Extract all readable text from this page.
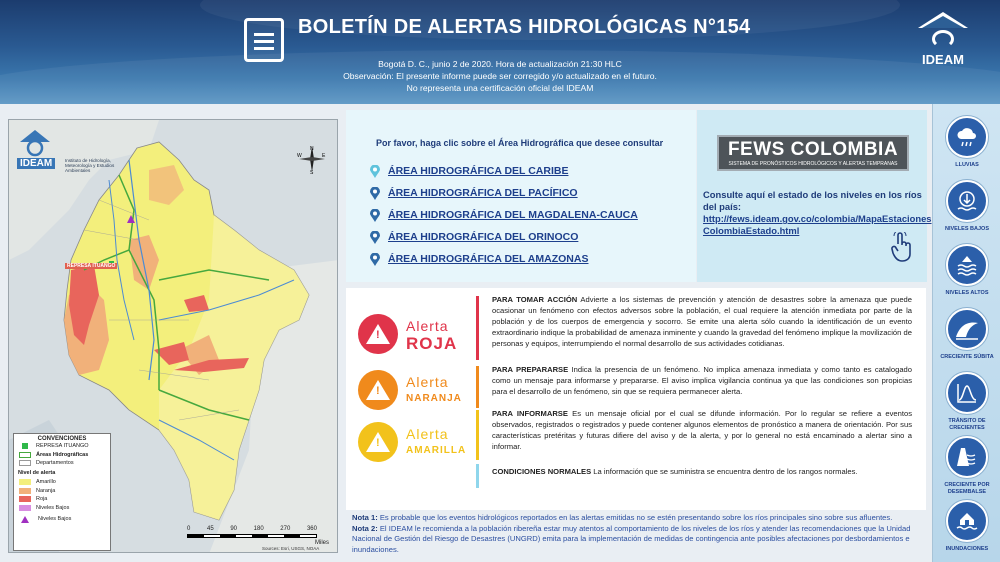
BOLETÍN DE ALERTAS HIDROLÓGICAS N°154
Bogotá D. C., junio 2 de 2020. Hora de actualización 21:30 HLC
Observación: El presente informe puede ser corregido y/o actualizado en el futuro.
No representa una certificación oficial del IDEAM
IDEAM
REPRESA ITUANGO
IDEAM	Instituto de Hidrología, Meteorología y Estudios Ambientales
N
S
E
W
CONVENCIONES
REPRESA ITUANGO
Áreas Hidrográficas
Departamentos
Nivel de alerta
Amarillo
Naranja
Roja
Niveles Bajos
Niveles Bajos
0	45	90	180	270	360
Miles
Sources: Esri, USGS, NOAA
Por favor, haga clic sobre el Área Hidrográfica que desee consultar
ÁREA HIDROGRÁFICA DEL CARIBE
ÁREA HIDROGRÁFICA DEL PACÍFICO
ÁREA HIDROGRÁFICA DEL MAGDALENA-CAUCA
ÁREA HIDROGRÁFICA DEL ORINOCO
ÁREA HIDROGRÁFICA DEL AMAZONAS
FEWS COLOMBIA
SISTEMA DE PRONÓSTICOS HIDROLÓGICOS Y ALERTAS TEMPRANAS
Consulte aquí el estado de los niveles en los ríos del país:
http://fews.ideam.gov.co/colombia/MapaEstaciones
ColombiaEstado.html
!
Alerta
ROJA
PARA TOMAR ACCIÓN Advierte a los sistemas de prevención y atención de desastres sobre la amenaza que puede ocasionar un fenómeno con efectos adversos sobre la población, el cual requiere la atención inmediata por parte de la población y de los cuerpos de emergencia y socorro. Se emite una alerta sólo cuando la identificación de un evento extraordinario indique la probabilidad de amenaza inminente y cuando la gravedad del fenómeno implique la movilización de personas y equipos, interrumpiendo el normal desarrollo de sus actividades cotidianas.
!
Alerta
NARANJA
PARA PREPARARSE Indica la presencia de un fenómeno. No implica amenaza inmediata y como tanto es catalogado como un mensaje para informarse y prepararse. El aviso implica vigilancia continua ya que las condiciones son propicias para el desarrollo de un fenómeno, sin que se requiera permanecer alerta.
!
Alerta
AMARILLA
PARA INFORMARSE Es un mensaje oficial por el cual se difunde información. Por lo regular se refiere a eventos observados, registrados o registrados y puede contener algunos elementos de pronóstico a manera de orientación. Por sus características pretéritas y futuras difiere del aviso y de la alerta, y por lo general no está encaminado a alertar sino a informar.
CONDICIONES NORMALES La información que se suministra se encuentra dentro de los rangos normales.
Nota 1: Es probable que los eventos hidrológicos reportados en las alertas emitidas no se estén presentando sobre los ríos principales sino sobre sus afluentes.
Nota 2: El IDEAM le recomienda a la población ribereña estar muy atentos al comportamiento de los niveles de los ríos y atender las recomendaciones que la Unidad Nacional de Gestión del Riesgo de Desastres (UNGRD) emita para la implementación de medidas de contingencia ante posibles afectaciones por desbordamientos e inundaciones.
LLUVIAS
NIVELES BAJOS
NIVELES ALTOS
CRECIENTE SÚBITA
TRÁNSITO DE CRECIENTES
CRECIENTE POR DESEMBALSE
INUNDACIONES
